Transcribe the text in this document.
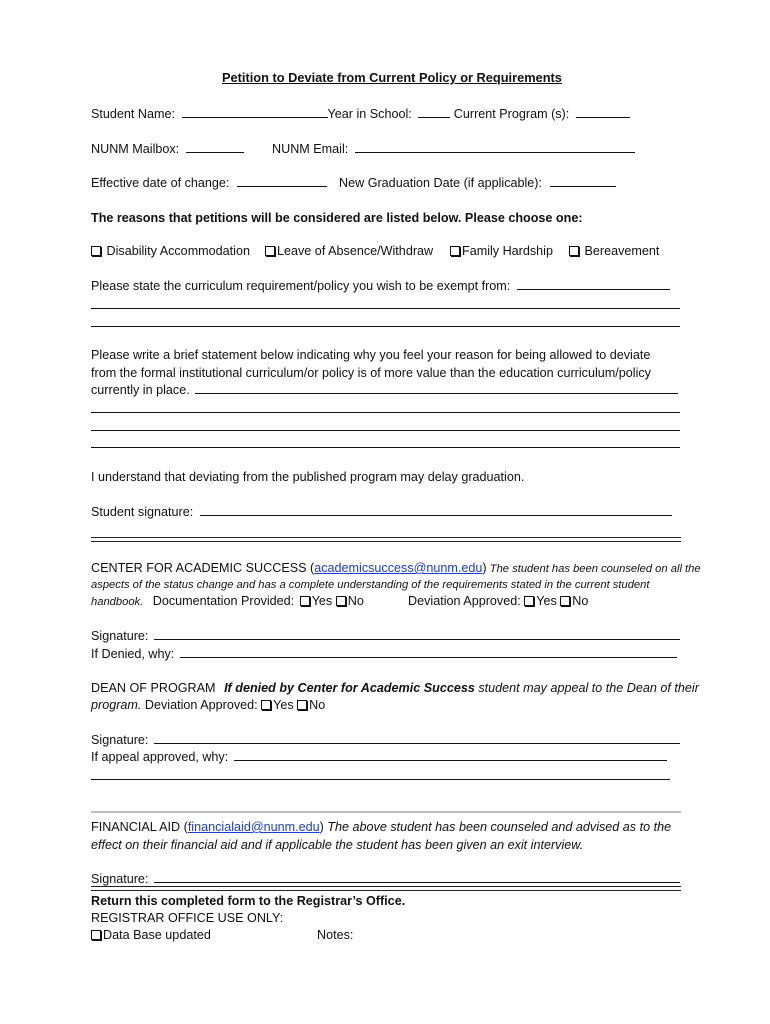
Petition to Deviate from Current Policy or Requirements
Student Name:	Year in School:	Current Program (s):
NUNM Mailbox:	NUNM Email:
Effective date of change:	New Graduation Date (if applicable):
The reasons that petitions will be considered are listed below. Please choose one:
Disability Accommodation	Leave of Absence/Withdraw	Family Hardship	Bereavement
Please state the curriculum requirement/policy you wish to be exempt from:
Please write a brief statement below indicating why you feel your reason for being allowed to deviate
from the formal institutional curriculum/or policy is of more value than the education curriculum/policy
currently in place.
I understand that deviating from the published program may delay graduation.
Student signature:
CENTER FOR ACADEMIC SUCCESS (academicsuccess@nunm.edu) The student has been counseled on all the
aspects of the status change and has a complete understanding of the requirements stated in the current student
handbook. Documentation Provided: Yes No	Deviation Approved: Yes No
Signature:
If Denied, why:
DEAN OF PROGRAM If denied by Center for Academic Success student may appeal to the Dean of their
program. Deviation Approved: Yes No
Signature:
If appeal approved, why:
FINANCIAL AID (financialaid@nunm.edu) The above student has been counseled and advised as to the
effect on their financial aid and if applicable the student has been given an exit interview.
Signature:
Return this completed form to the Registrar’s Office.
REGISTRAR OFFICE USE ONLY:
Data Base updated	Notes:
